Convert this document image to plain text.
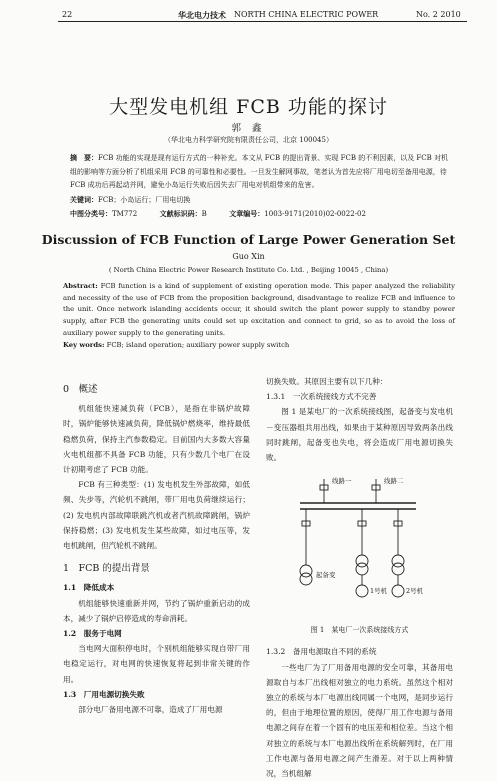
22	华北电力技术 NORTH CHINA ELECTRIC POWER	No. 2 2010
大型发电机组 FCB 功能的探讨
郭 鑫
（华北电力科学研究院有限责任公司，北京 100045）
摘　要：FCB 功能的实现是现有运行方式的一种补充。本文从 FCB 的提出背景、实现 FCB 的不利因素，以及 FCB 对机组的影响等方面分析了机组采用 FCB 的可靠性和必要性。一旦发生解网事故，笔者认为首先应将厂用电切至备用电源，待 FCB 成功后再起动并网，避免小岛运行失败后因失去厂用电对机组带来的危害。
关键词：FCB；小岛运行；厂用电切换
中图分类号：TM772	文献标识码：B	文章编号：1003-9171(2010)02-0022-02
Discussion of FCB Function of Large Power Generation Set
Guo Xin
( North China Electric Power Research Institute Co. Ltd. , Beijing 10045 , China)
Abstract: FCB function is a kind of supplement of existing operation mode. This paper analyzed the reliability and necessity of the use of FCB from the proposition background, disadvantage to realize FCB and influence to the unit. Once network islanding accidents occur, it should switch the plant power supply to standby power supply, after FCB the generating units could set up excitation and connect to grid, so as to avoid the loss of auxiliary power supply to the generating units.
Key words: FCB; island operation; auxiliary power supply switch
0　概述

机组能快速减负荷（FCB），是指在非锅炉故障时，锅炉能够快速减负荷，降低锅炉燃烧率，维持最低稳燃负荷，保持主汽参数稳定。目前国内大多数大容量火电机组都不具备 FCB 功能，只有少数几个电厂在设计初期考虑了 FCB 功能。

FCB 有三种类型：(1) 发电机发生外部故障，如低频、失步等，汽轮机不跳闸，带厂用电负荷继续运行；(2) 发电机内部故障联跳汽机或者汽机故障跳闸，锅炉保持稳燃；(3) 发电机发生某些故障，如过电压等，发电机跳闸，但汽轮机不跳闸。

1　FCB 的提出背景
1.1　降低成本

机组能够快速重新并网，节约了锅炉重新启动的成本，减少了锅炉启停造成的寿命消耗。

1.2　服务于电网

当电网大面积停电时，个别机组能够实现自带厂用电稳定运行，对电网的快速恢复将起到非常关键的作用。

1.3　厂用电源切换失败

部分电厂备用电源不可靠，造成了厂用电源

切换失败。其原因主要有以下几种：

1.3.1　一次系统接线方式不完善

图 1 是某电厂的一次系统接线图，起备变与发电机－变压器组共用出线，如果由于某种原因导致两条出线同时跳闸，起备变也失电，将会造成厂用电源切换失败。

线路一	线路二
起备变
1号机	2号机
图 1　某电厂一次系统接线方式
1.3.2　备用电源取自不同的系统

一些电厂为了厂用备用电源的安全可靠，其备用电源取自与本厂出线相对独立的电力系统。虽然这个相对独立的系统与本厂电源出线同属一个电网，是同步运行的，但由于地理位置的原因，使得厂用工作电源与备用电源之间存在着一个固有的电压差和相位差。当这个相对独立的系统与本厂电源出线所在系统解列时，在厂用工作电源与备用电源之间产生滑差。对于以上两种情况，当机组解
